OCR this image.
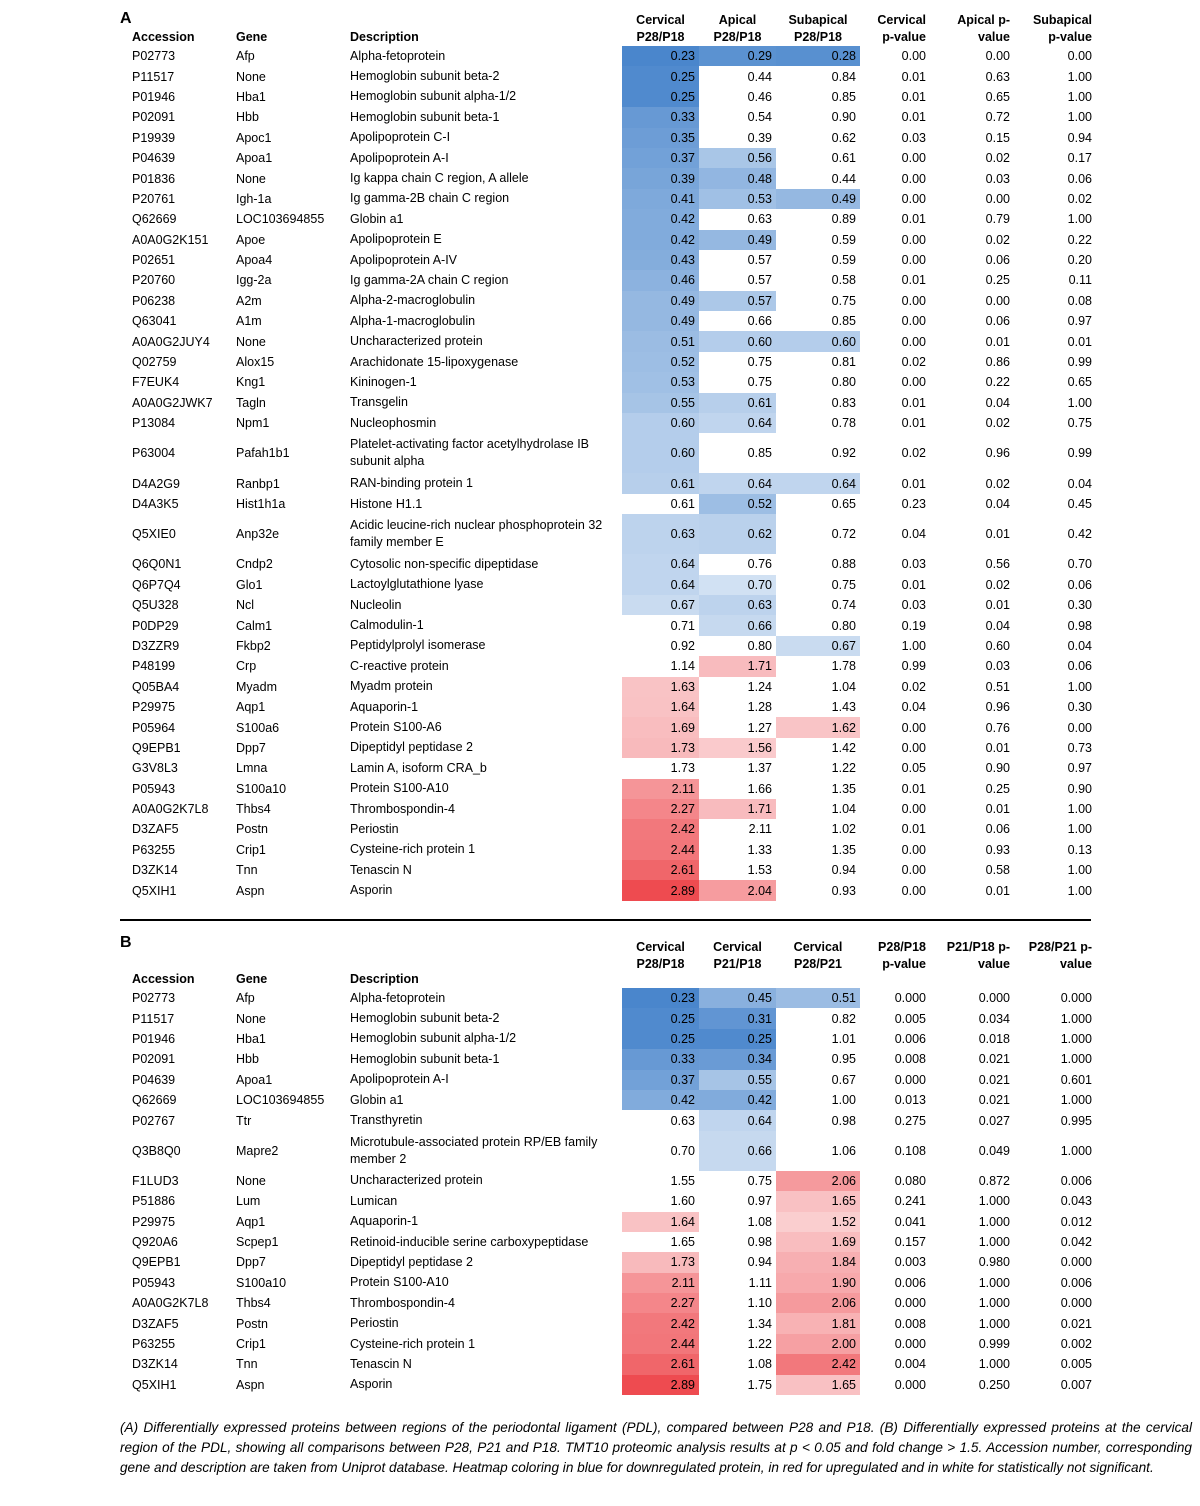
A
Accession	Gene	Description	Cervical P28/P18	Apical P28/P18	Subapical P28/P18	Cervical p-value	Apical p-value	Subapical p-value
P02773	Afp	Alpha-fetoprotein	0.23	0.29	0.28	0.00	0.00	0.00
P11517	None	Hemoglobin subunit beta-2	0.25	0.44	0.84	0.01	0.63	1.00
P01946	Hba1	Hemoglobin subunit alpha-1/2	0.25	0.46	0.85	0.01	0.65	1.00
P02091	Hbb	Hemoglobin subunit beta-1	0.33	0.54	0.90	0.01	0.72	1.00
P19939	Apoc1	Apolipoprotein C-I	0.35	0.39	0.62	0.03	0.15	0.94
P04639	Apoa1	Apolipoprotein A-I	0.37	0.56	0.61	0.00	0.02	0.17
P01836	None	Ig kappa chain C region, A allele	0.39	0.48	0.44	0.00	0.03	0.06
P20761	Igh-1a	Ig gamma-2B chain C region	0.41	0.53	0.49	0.00	0.00	0.02
Q62669	LOC103694855	Globin a1	0.42	0.63	0.89	0.01	0.79	1.00
A0A0G2K151	Apoe	Apolipoprotein E	0.42	0.49	0.59	0.00	0.02	0.22
P02651	Apoa4	Apolipoprotein A-IV	0.43	0.57	0.59	0.00	0.06	0.20
P20760	Igg-2a	Ig gamma-2A chain C region	0.46	0.57	0.58	0.01	0.25	0.11
P06238	A2m	Alpha-2-macroglobulin	0.49	0.57	0.75	0.00	0.00	0.08
Q63041	A1m	Alpha-1-macroglobulin	0.49	0.66	0.85	0.00	0.06	0.97
A0A0G2JUY4	None	Uncharacterized protein	0.51	0.60	0.60	0.00	0.01	0.01
Q02759	Alox15	Arachidonate 15-lipoxygenase	0.52	0.75	0.81	0.02	0.86	0.99
F7EUK4	Kng1	Kininogen-1	0.53	0.75	0.80	0.00	0.22	0.65
A0A0G2JWK7	Tagln	Transgelin	0.55	0.61	0.83	0.01	0.04	1.00
P13084	Npm1	Nucleophosmin	0.60	0.64	0.78	0.01	0.02	0.75
P63004	Pafah1b1	Platelet-activating factor acetylhydrolase IB subunit alpha	0.60	0.85	0.92	0.02	0.96	0.99
D4A2G9	Ranbp1	RAN-binding protein 1	0.61	0.64	0.64	0.01	0.02	0.04
D4A3K5	Hist1h1a	Histone H1.1	0.61	0.52	0.65	0.23	0.04	0.45
Q5XIE0	Anp32e	Acidic leucine-rich nuclear phosphoprotein 32 family member E	0.63	0.62	0.72	0.04	0.01	0.42
Q6Q0N1	Cndp2	Cytosolic non-specific dipeptidase	0.64	0.76	0.88	0.03	0.56	0.70
Q6P7Q4	Glo1	Lactoylglutathione lyase	0.64	0.70	0.75	0.01	0.02	0.06
Q5U328	Ncl	Nucleolin	0.67	0.63	0.74	0.03	0.01	0.30
P0DP29	Calm1	Calmodulin-1	0.71	0.66	0.80	0.19	0.04	0.98
D3ZZR9	Fkbp2	Peptidylprolyl isomerase	0.92	0.80	0.67	1.00	0.60	0.04
P48199	Crp	C-reactive protein	1.14	1.71	1.78	0.99	0.03	0.06
Q05BA4	Myadm	Myadm protein	1.63	1.24	1.04	0.02	0.51	1.00
P29975	Aqp1	Aquaporin-1	1.64	1.28	1.43	0.04	0.96	0.30
P05964	S100a6	Protein S100-A6	1.69	1.27	1.62	0.00	0.76	0.00
Q9EPB1	Dpp7	Dipeptidyl peptidase 2	1.73	1.56	1.42	0.00	0.01	0.73
G3V8L3	Lmna	Lamin A, isoform CRA_b	1.73	1.37	1.22	0.05	0.90	0.97
P05943	S100a10	Protein S100-A10	2.11	1.66	1.35	0.01	0.25	0.90
A0A0G2K7L8	Thbs4	Thrombospondin-4	2.27	1.71	1.04	0.00	0.01	1.00
D3ZAF5	Postn	Periostin	2.42	2.11	1.02	0.01	0.06	1.00
P63255	Crip1	Cysteine-rich protein 1	2.44	1.33	1.35	0.00	0.93	0.13
D3ZK14	Tnn	Tenascin N	2.61	1.53	0.94	0.00	0.58	1.00
Q5XIH1	Aspn	Asporin	2.89	2.04	0.93	0.00	0.01	1.00
B
Accession	Gene	Description	Cervical P28/P18	Cervical P21/P18	Cervical P28/P21	P28/P18 p-value	P21/P18 p-value	P28/P21 p-value
P02773	Afp	Alpha-fetoprotein	0.23	0.45	0.51	0.000	0.000	0.000
P11517	None	Hemoglobin subunit beta-2	0.25	0.31	0.82	0.005	0.034	1.000
P01946	Hba1	Hemoglobin subunit alpha-1/2	0.25	0.25	1.01	0.006	0.018	1.000
P02091	Hbb	Hemoglobin subunit beta-1	0.33	0.34	0.95	0.008	0.021	1.000
P04639	Apoa1	Apolipoprotein A-I	0.37	0.55	0.67	0.000	0.021	0.601
Q62669	LOC103694855	Globin a1	0.42	0.42	1.00	0.013	0.021	1.000
P02767	Ttr	Transthyretin	0.63	0.64	0.98	0.275	0.027	0.995
Q3B8Q0	Mapre2	Microtubule-associated protein RP/EB family member 2	0.70	0.66	1.06	0.108	0.049	1.000
F1LUD3	None	Uncharacterized protein	1.55	0.75	2.06	0.080	0.872	0.006
P51886	Lum	Lumican	1.60	0.97	1.65	0.241	1.000	0.043
P29975	Aqp1	Aquaporin-1	1.64	1.08	1.52	0.041	1.000	0.012
Q920A6	Scpep1	Retinoid-inducible serine carboxypeptidase	1.65	0.98	1.69	0.157	1.000	0.042
Q9EPB1	Dpp7	Dipeptidyl peptidase 2	1.73	0.94	1.84	0.003	0.980	0.000
P05943	S100a10	Protein S100-A10	2.11	1.11	1.90	0.006	1.000	0.006
A0A0G2K7L8	Thbs4	Thrombospondin-4	2.27	1.10	2.06	0.000	1.000	0.000
D3ZAF5	Postn	Periostin	2.42	1.34	1.81	0.008	1.000	0.021
P63255	Crip1	Cysteine-rich protein 1	2.44	1.22	2.00	0.000	0.999	0.002
D3ZK14	Tnn	Tenascin N	2.61	1.08	2.42	0.004	1.000	0.005
Q5XIH1	Aspn	Asporin	2.89	1.75	1.65	0.000	0.250	0.007
(A) Differentially expressed proteins between regions of the periodontal ligament (PDL), compared between P28 and P18. (B) Differentially expressed proteins at the cervical region of the PDL, showing all comparisons between P28, P21 and P18. TMT10 proteomic analysis results at p < 0.05 and fold change > 1.5. Accession number, corresponding gene and description are taken from Uniprot database. Heatmap coloring in blue for downregulated protein, in red for upregulated and in white for statistically not significant.
